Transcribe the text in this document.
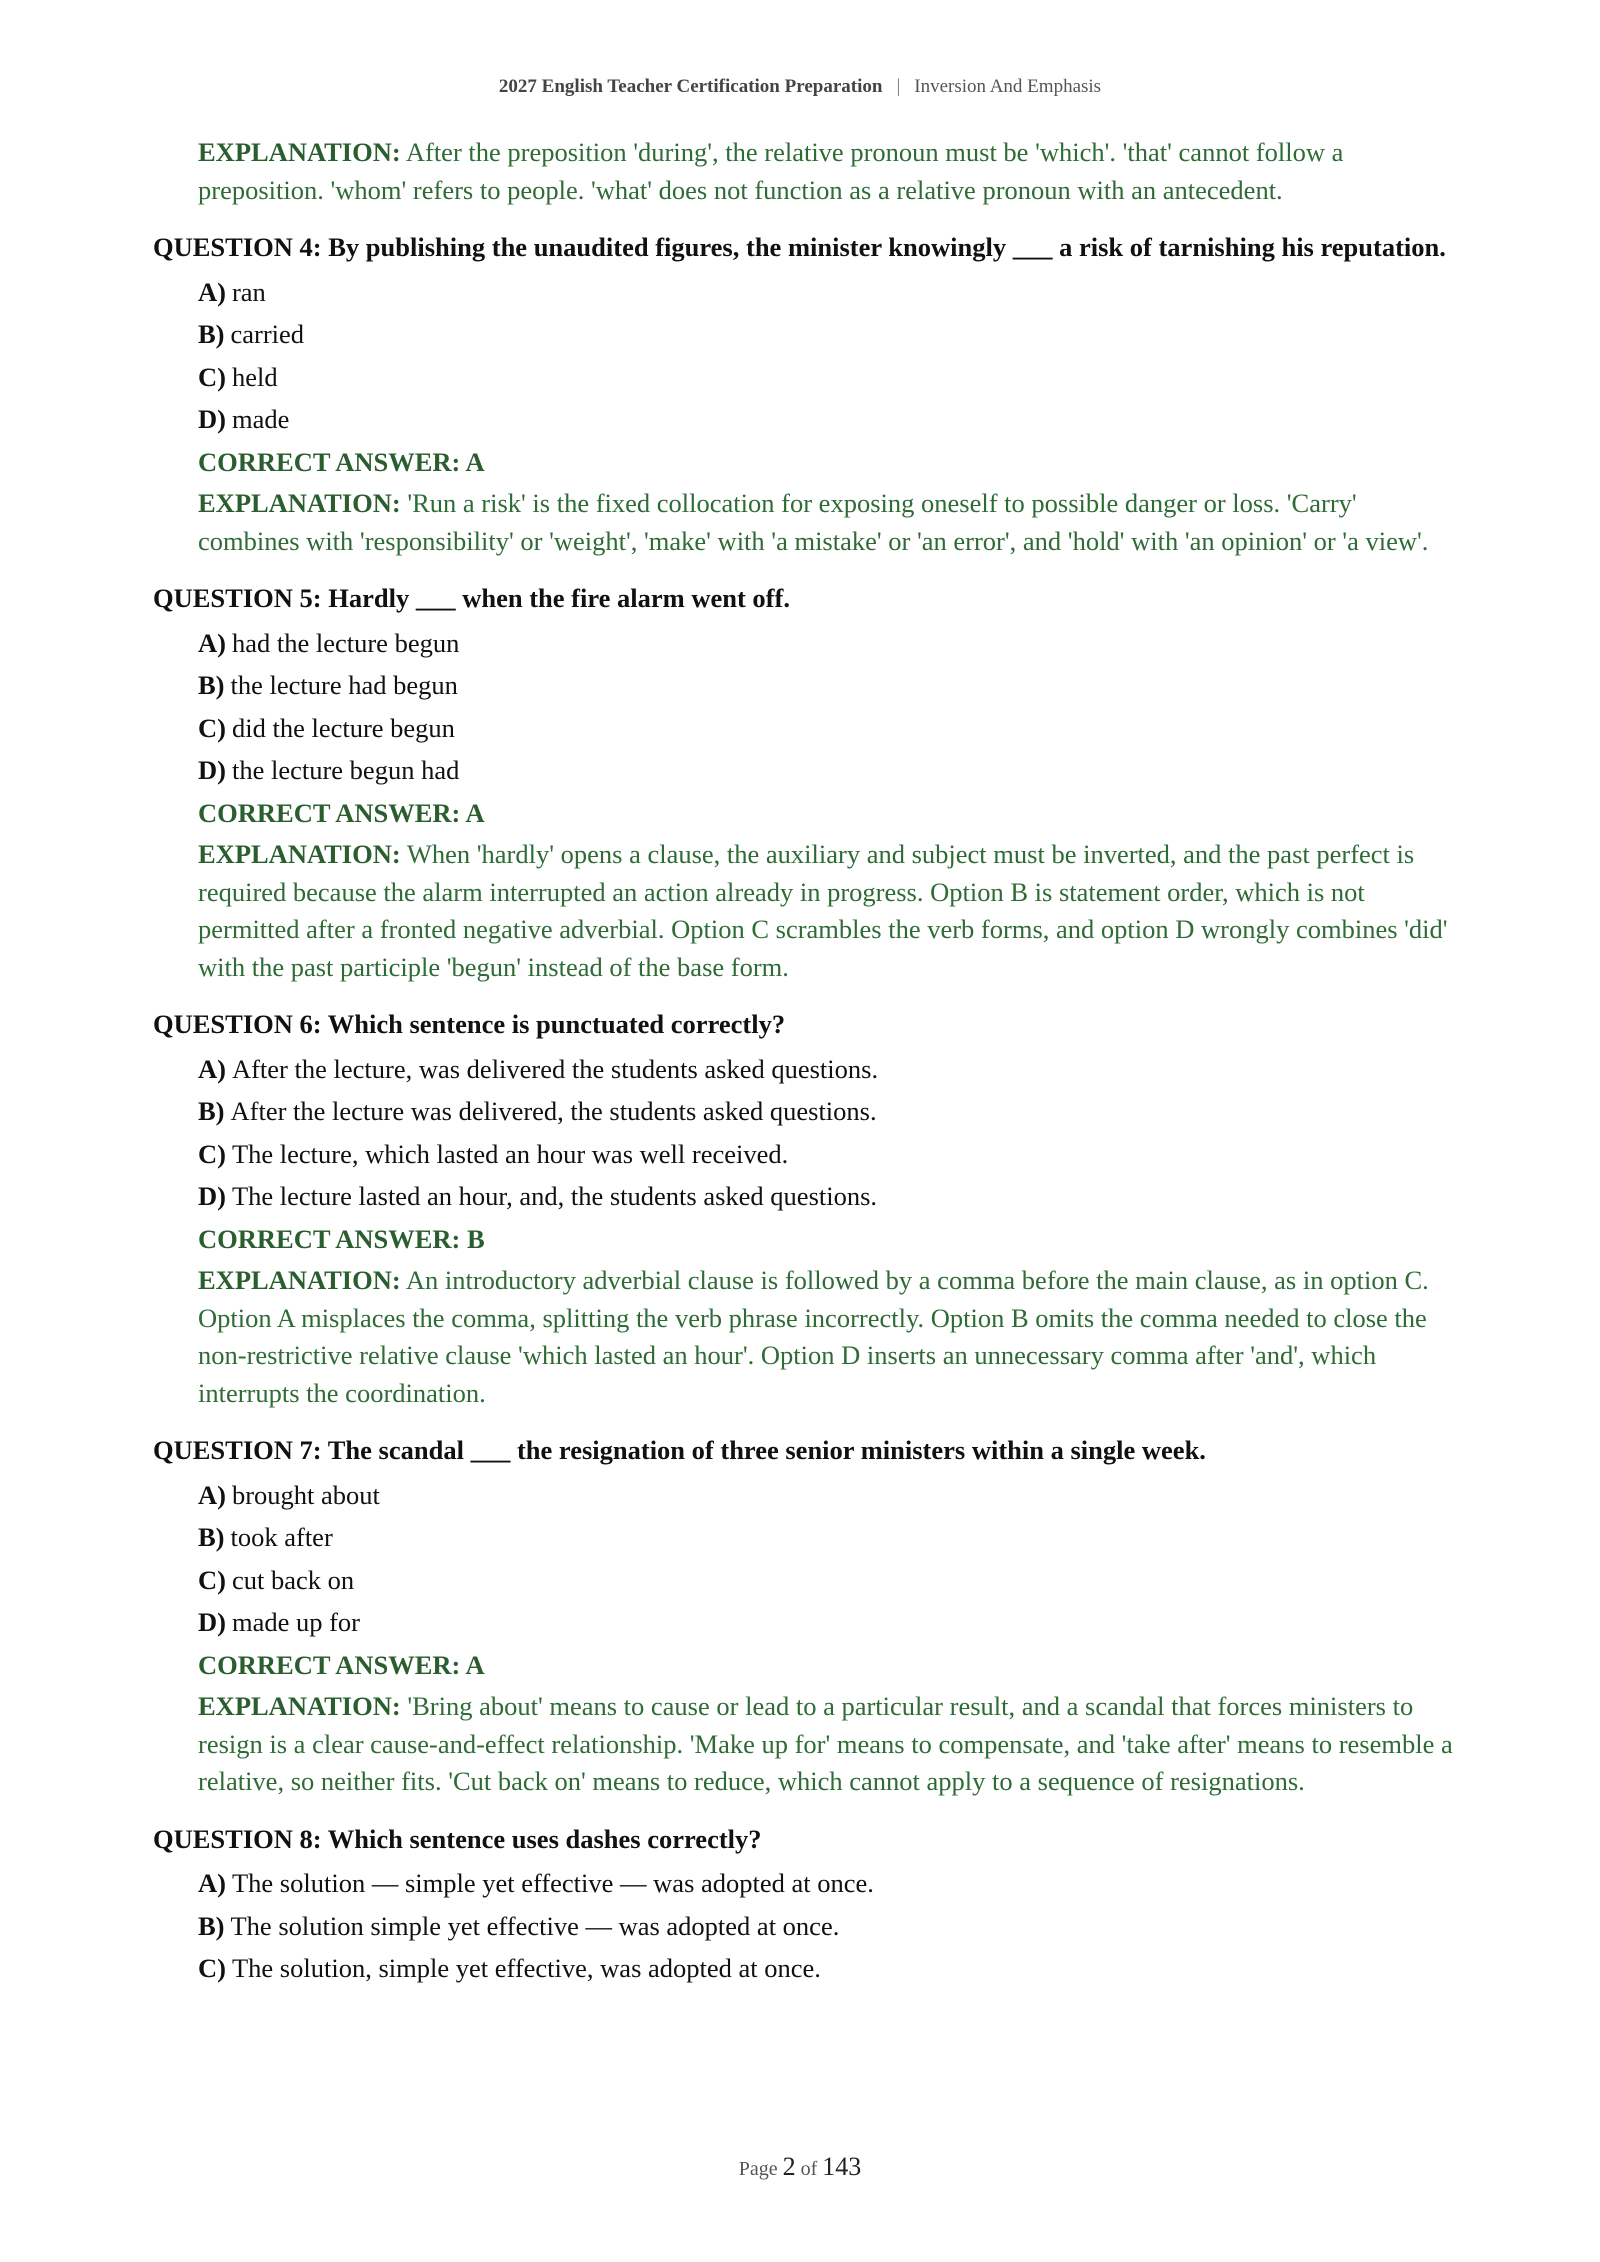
2027 English Teacher Certification Preparation | Inversion And Emphasis
EXPLANATION: After the preposition 'during', the relative pronoun must be 'which'. 'that' cannot follow a preposition. 'whom' refers to people. 'what' does not function as a relative pronoun with an antecedent.
QUESTION 4: By publishing the unaudited figures, the minister knowingly ___ a risk of tarnishing his reputation.
A) ran
B) carried
C) held
D) made
CORRECT ANSWER: A
EXPLANATION: 'Run a risk' is the fixed collocation for exposing oneself to possible danger or loss. 'Carry' combines with 'responsibility' or 'weight', 'make' with 'a mistake' or 'an error', and 'hold' with 'an opinion' or 'a view'.
QUESTION 5: Hardly ___ when the fire alarm went off.
A) had the lecture begun
B) the lecture had begun
C) did the lecture begun
D) the lecture begun had
CORRECT ANSWER: A
EXPLANATION: When 'hardly' opens a clause, the auxiliary and subject must be inverted, and the past perfect is required because the alarm interrupted an action already in progress. Option B is statement order, which is not permitted after a fronted negative adverbial. Option C scrambles the verb forms, and option D wrongly combines 'did' with the past participle 'begun' instead of the base form.
QUESTION 6: Which sentence is punctuated correctly?
A) After the lecture, was delivered the students asked questions.
B) After the lecture was delivered, the students asked questions.
C) The lecture, which lasted an hour was well received.
D) The lecture lasted an hour, and, the students asked questions.
CORRECT ANSWER: B
EXPLANATION: An introductory adverbial clause is followed by a comma before the main clause, as in option C. Option A misplaces the comma, splitting the verb phrase incorrectly. Option B omits the comma needed to close the non-restrictive relative clause 'which lasted an hour'. Option D inserts an unnecessary comma after 'and', which interrupts the coordination.
QUESTION 7: The scandal ___ the resignation of three senior ministers within a single week.
A) brought about
B) took after
C) cut back on
D) made up for
CORRECT ANSWER: A
EXPLANATION: 'Bring about' means to cause or lead to a particular result, and a scandal that forces ministers to resign is a clear cause-and-effect relationship. 'Make up for' means to compensate, and 'take after' means to resemble a relative, so neither fits. 'Cut back on' means to reduce, which cannot apply to a sequence of resignations.
QUESTION 8: Which sentence uses dashes correctly?
A) The solution — simple yet effective — was adopted at once.
B) The solution simple yet effective — was adopted at once.
C) The solution, simple yet effective, was adopted at once.
Page 2 of 143
